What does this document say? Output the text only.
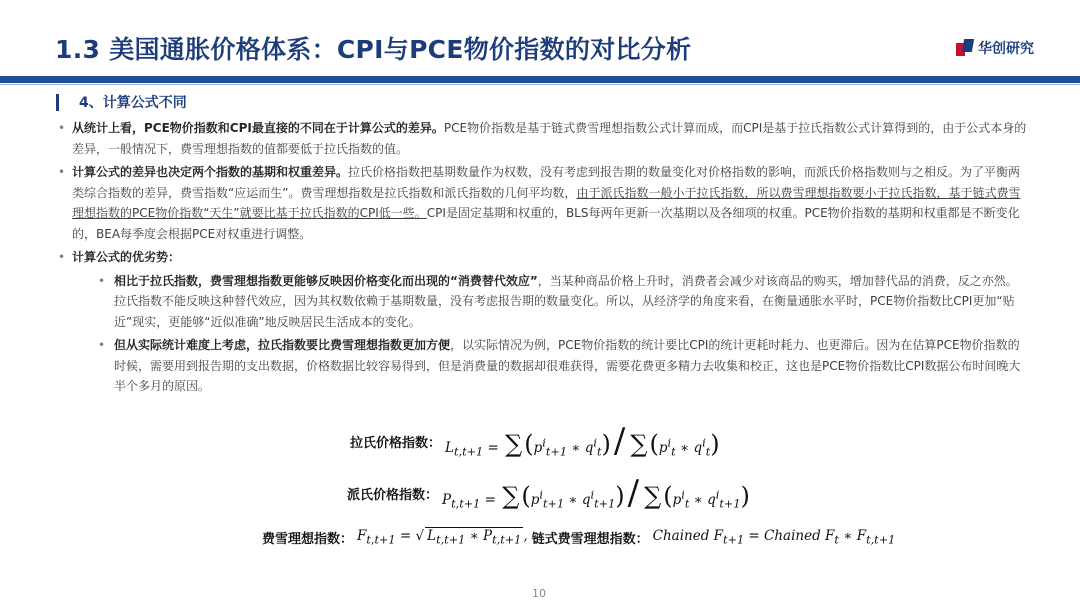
1.3 美国通胀价格体系：CPI与PCE物价指数的对比分析	华创研究
4、计算公式不同
• 从统计上看，PCE物价指数和CPI最直接的不同在于计算公式的差异。PCE物价指数是基于链式费雪理想指数公式计算而成，而CPI是基于拉氏指数公式计算得到的，由于公式本身的差异，一般情况下，费雪理想指数的值都要低于拉氏指数的值。
• 计算公式的差异也决定两个指数的基期和权重差异。拉氏价格指数把基期数量作为权数，没有考虑到报告期的数量变化对价格指数的影响，而派氏价格指数则与之相反。为了平衡两类综合指数的差异，费雪指数“应运而生”。费雪理想指数是拉氏指数和派氏指数的几何平均数，由于派氏指数一般小于拉氏指数，所以费雪理想指数要小于拉氏指数，基于链式费雪理想指数的PCE物价指数“天生”就要比基于拉氏指数的CPI低一些。CPI是固定基期和权重的，BLS每两年更新一次基期以及各细项的权重。PCE物价指数的基期和权重都是不断变化的，BEA每季度会根据PCE对权重进行调整。
• 计算公式的优劣势：
• 相比于拉氏指数，费雪理想指数更能够反映因价格变化而出现的“消费替代效应”，当某种商品价格上升时，消费者会减少对该商品的购买，增加替代品的消费，反之亦然。拉氏指数不能反映这种替代效应，因为其权数依赖于基期数量，没有考虑报告期的数量变化。所以，从经济学的角度来看，在衡量通胀水平时，PCE物价指数比CPI更加“贴近”现实，更能够“近似准确”地反映居民生活成本的变化。
• 但从实际统计难度上考虑，拉氏指数要比费雪理想指数更加方便，以实际情况为例，PCE物价指数的统计要比CPI的统计更耗时耗力、也更滞后。因为在估算PCE物价指数的时候，需要用到报告期的支出数据，价格数据比较容易得到，但是消费量的数据却很难获得，需要花费更多精力去收集和校正，这也是PCE物价指数比CPI数据公布时间晚大半个多月的原因。
拉氏价格指数： $L_{t,t+1} = \sum(p^i_{t+1}$ ∗ $q^i_t)/$ $\sum(p^i_t$ ∗ $q^i_t$)
派氏价格指数： $P_{t,t+1} = \sum(p^i_{t+1}$ ∗ $q^i_{t+1})/$ $\sum(p^i_t$ ∗ $q^i_{t+1}$)
费雪理想指数： $F_{t,t+1}$ = √ $L_{t,t+1}$ ∗ $P_{t,t+1}$ , 链式费雪理想指数： Chained $F_{t+1}$ = Chained $F_t$ ∗ $F_{t,t+1}$
10
